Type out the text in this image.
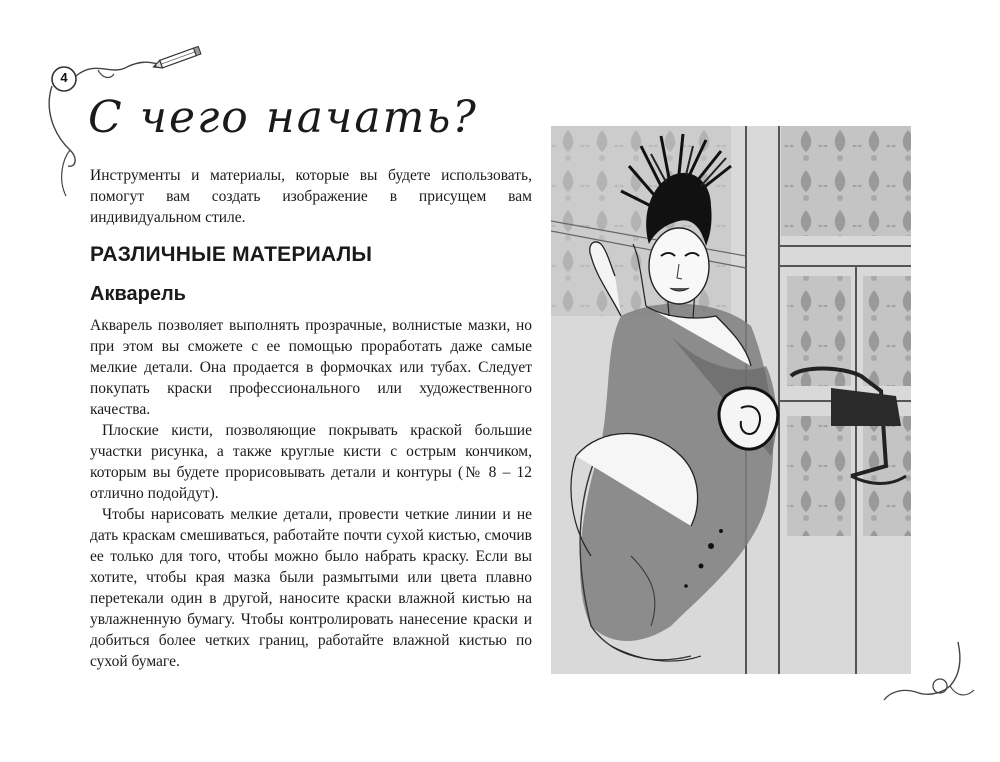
4
С чего начать?

Инструменты и материалы, которые вы будете использовать, помогут вам создать изображение в присущем вам индивидуальном стиле.

РАЗЛИЧНЫЕ МАТЕРИАЛЫ
Акварель

Акварель позволяет выполнять прозрачные, волнистые мазки, но при этом вы сможете с ее помощью проработать даже самые мелкие детали. Она продается в формочках или тубах. Следует покупать краски профессионального или художественного качества.

Плоские кисти, позволяющие покрывать краской большие участки рисунка, а также круглые кисти с острым кончиком, которым вы будете прорисовывать детали и контуры (№ 8 – 12 отлично подойдут).

Чтобы нарисовать мелкие детали, провести четкие линии и не дать краскам смешиваться, работайте почти сухой кистью, смочив ее только для того, чтобы можно было набрать краску. Если вы хотите, чтобы края мазка были размытыми или цвета плавно перетекали один в другой, наносите краски влажной кистью на увлажненную бумагу. Чтобы контролировать нанесение краски и добиться более четких границ, работайте влажной кистью по сухой бумаге.
